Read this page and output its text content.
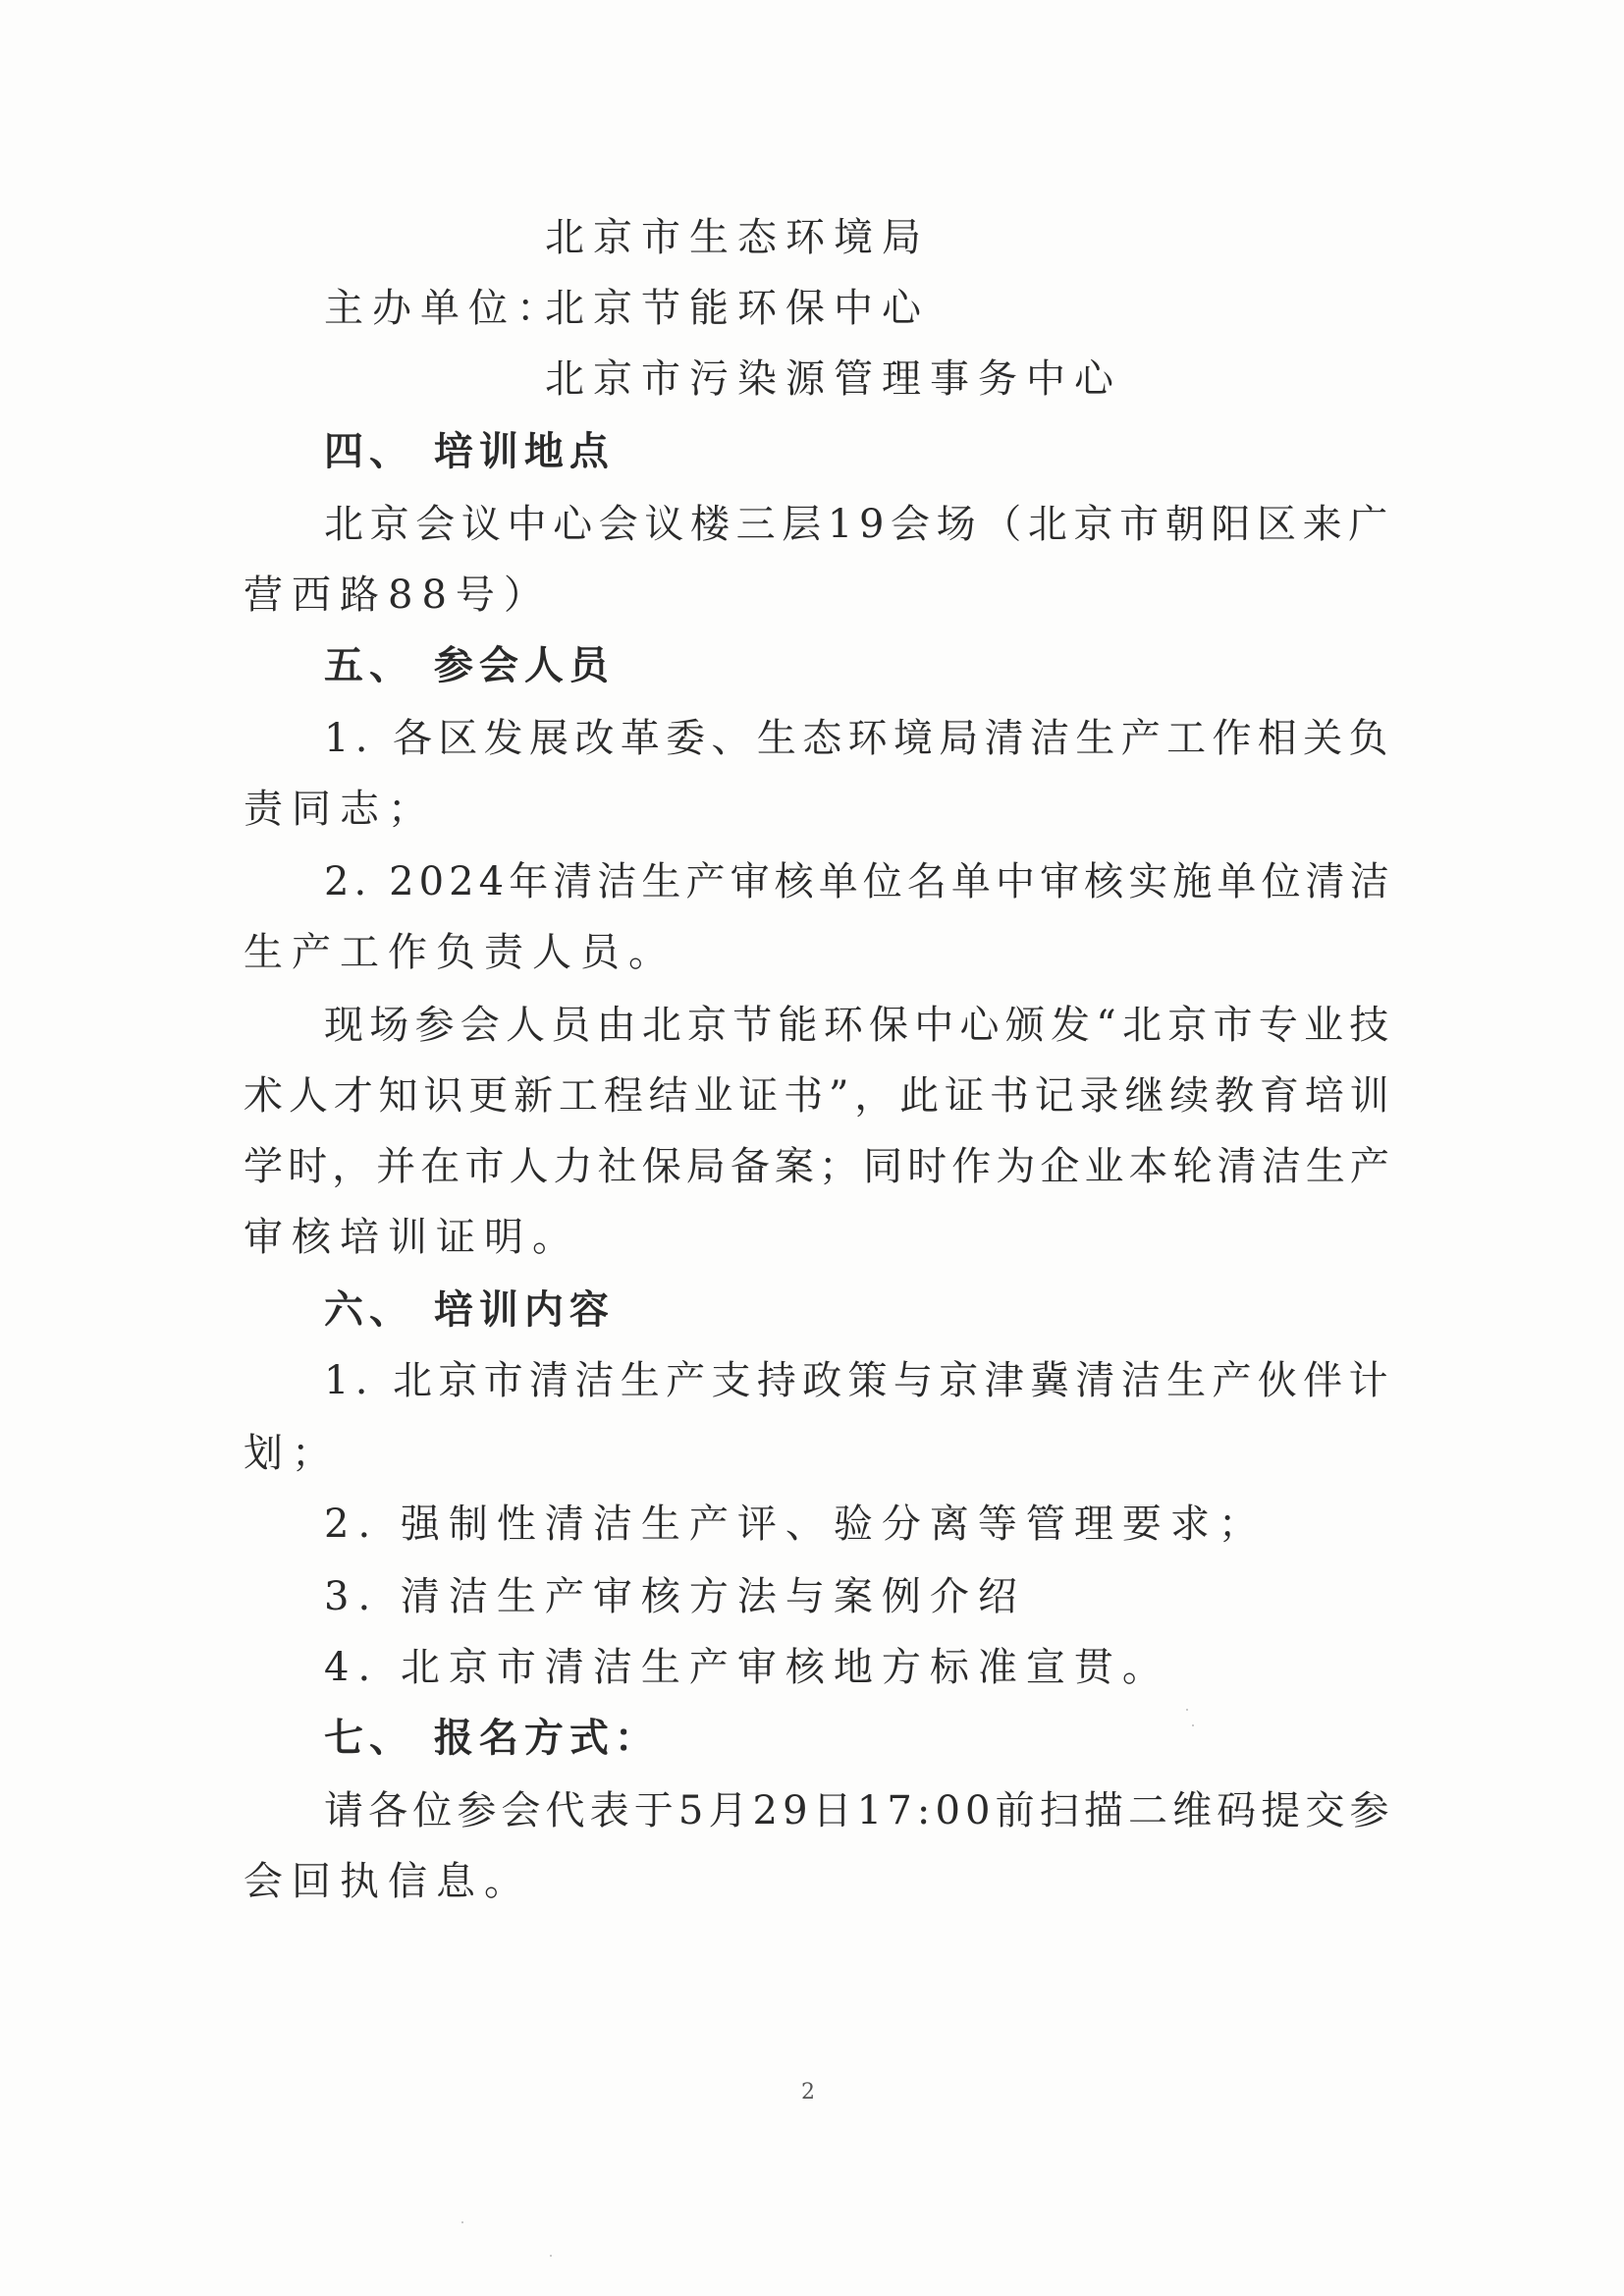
北京市生态环境局
主办单位：
北京节能环保中心
北京市污染源管理事务中心
四、 培训地点
北京会议中心会议楼三层19会场（北京市朝阳区来广
营西路88号）
五、 参会人员
1. 各区发展改革委、生态环境局清洁生产工作相关负
责同志；
2. 2024年清洁生产审核单位名单中审核实施单位清洁
生产工作负责人员。
现场参会人员由北京节能环保中心颁发“北京市专业技
术人才知识更新工程结业证书”，此证书记录继续教育培训
学时，并在市人力社保局备案；同时作为企业本轮清洁生产
审核培训证明。
六、 培训内容
1. 北京市清洁生产支持政策与京津冀清洁生产伙伴计
划；
2. 强制性清洁生产评、验分离等管理要求；
3. 清洁生产审核方法与案例介绍
4. 北京市清洁生产审核地方标准宣贯。
七、 报名方式：
请各位参会代表于5月29日17:00前扫描二维码提交参
会回执信息。
2
